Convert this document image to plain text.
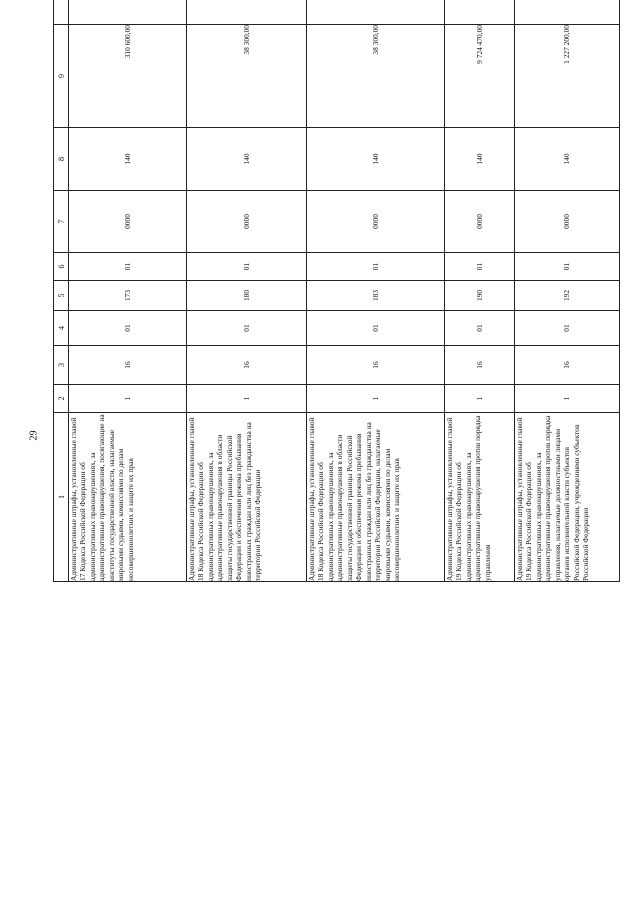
29
1	2	3	4	5	6	7	8	9		
Административные штрафы, установленные главой 17 Кодекса Российской Федерации об административных правонарушениях, за административные правонарушения, посягающие на институты государственной власти, налагаемые мировыми судьями, комиссиями по делам несовершеннолетних и защите их прав	1	16	01	173	01	0000	140	310 600,00		
Административные штрафы, установленные главой 18 Кодекса Российской Федерации об административных правонарушениях, за административные правонарушения в области защиты государственной границы Российской Федерации и обеспечения режима пребывания иностранных граждан или лиц без гражданства на территории Российской Федерации	1	16	01	180	01	0000	140	38 300,00		
Административные штрафы, установленные главой 18 Кодекса Российской Федерации об административных правонарушениях, за административные правонарушения в области защиты государственной границы Российской Федерации и обеспечения режима пребывания иностранных граждан или лиц без гражданства на территории Российской Федерации, налагаемые мировыми судьями, комиссиями по делам несовершеннолетних и защите их прав	1	16	01	183	01	0000	140	38 300,00		
Административные штрафы, установленные главой 19 Кодекса Российской Федерации об административных правонарушениях, за административные правонарушения против порядка управления	1	16	01	190	01	0000	140	9 724 470,00		
Административные штрафы, установленные главой 19 Кодекса Российской Федерации об административных правонарушениях, за административные правонарушения против порядка управления, налагаемые должностными лицами органов исполнительной власти субъектов Российской Федерации, учреждениями субъектов Российской Федерации	1	16	01	192	01	0000	140	1 227 200,00		
